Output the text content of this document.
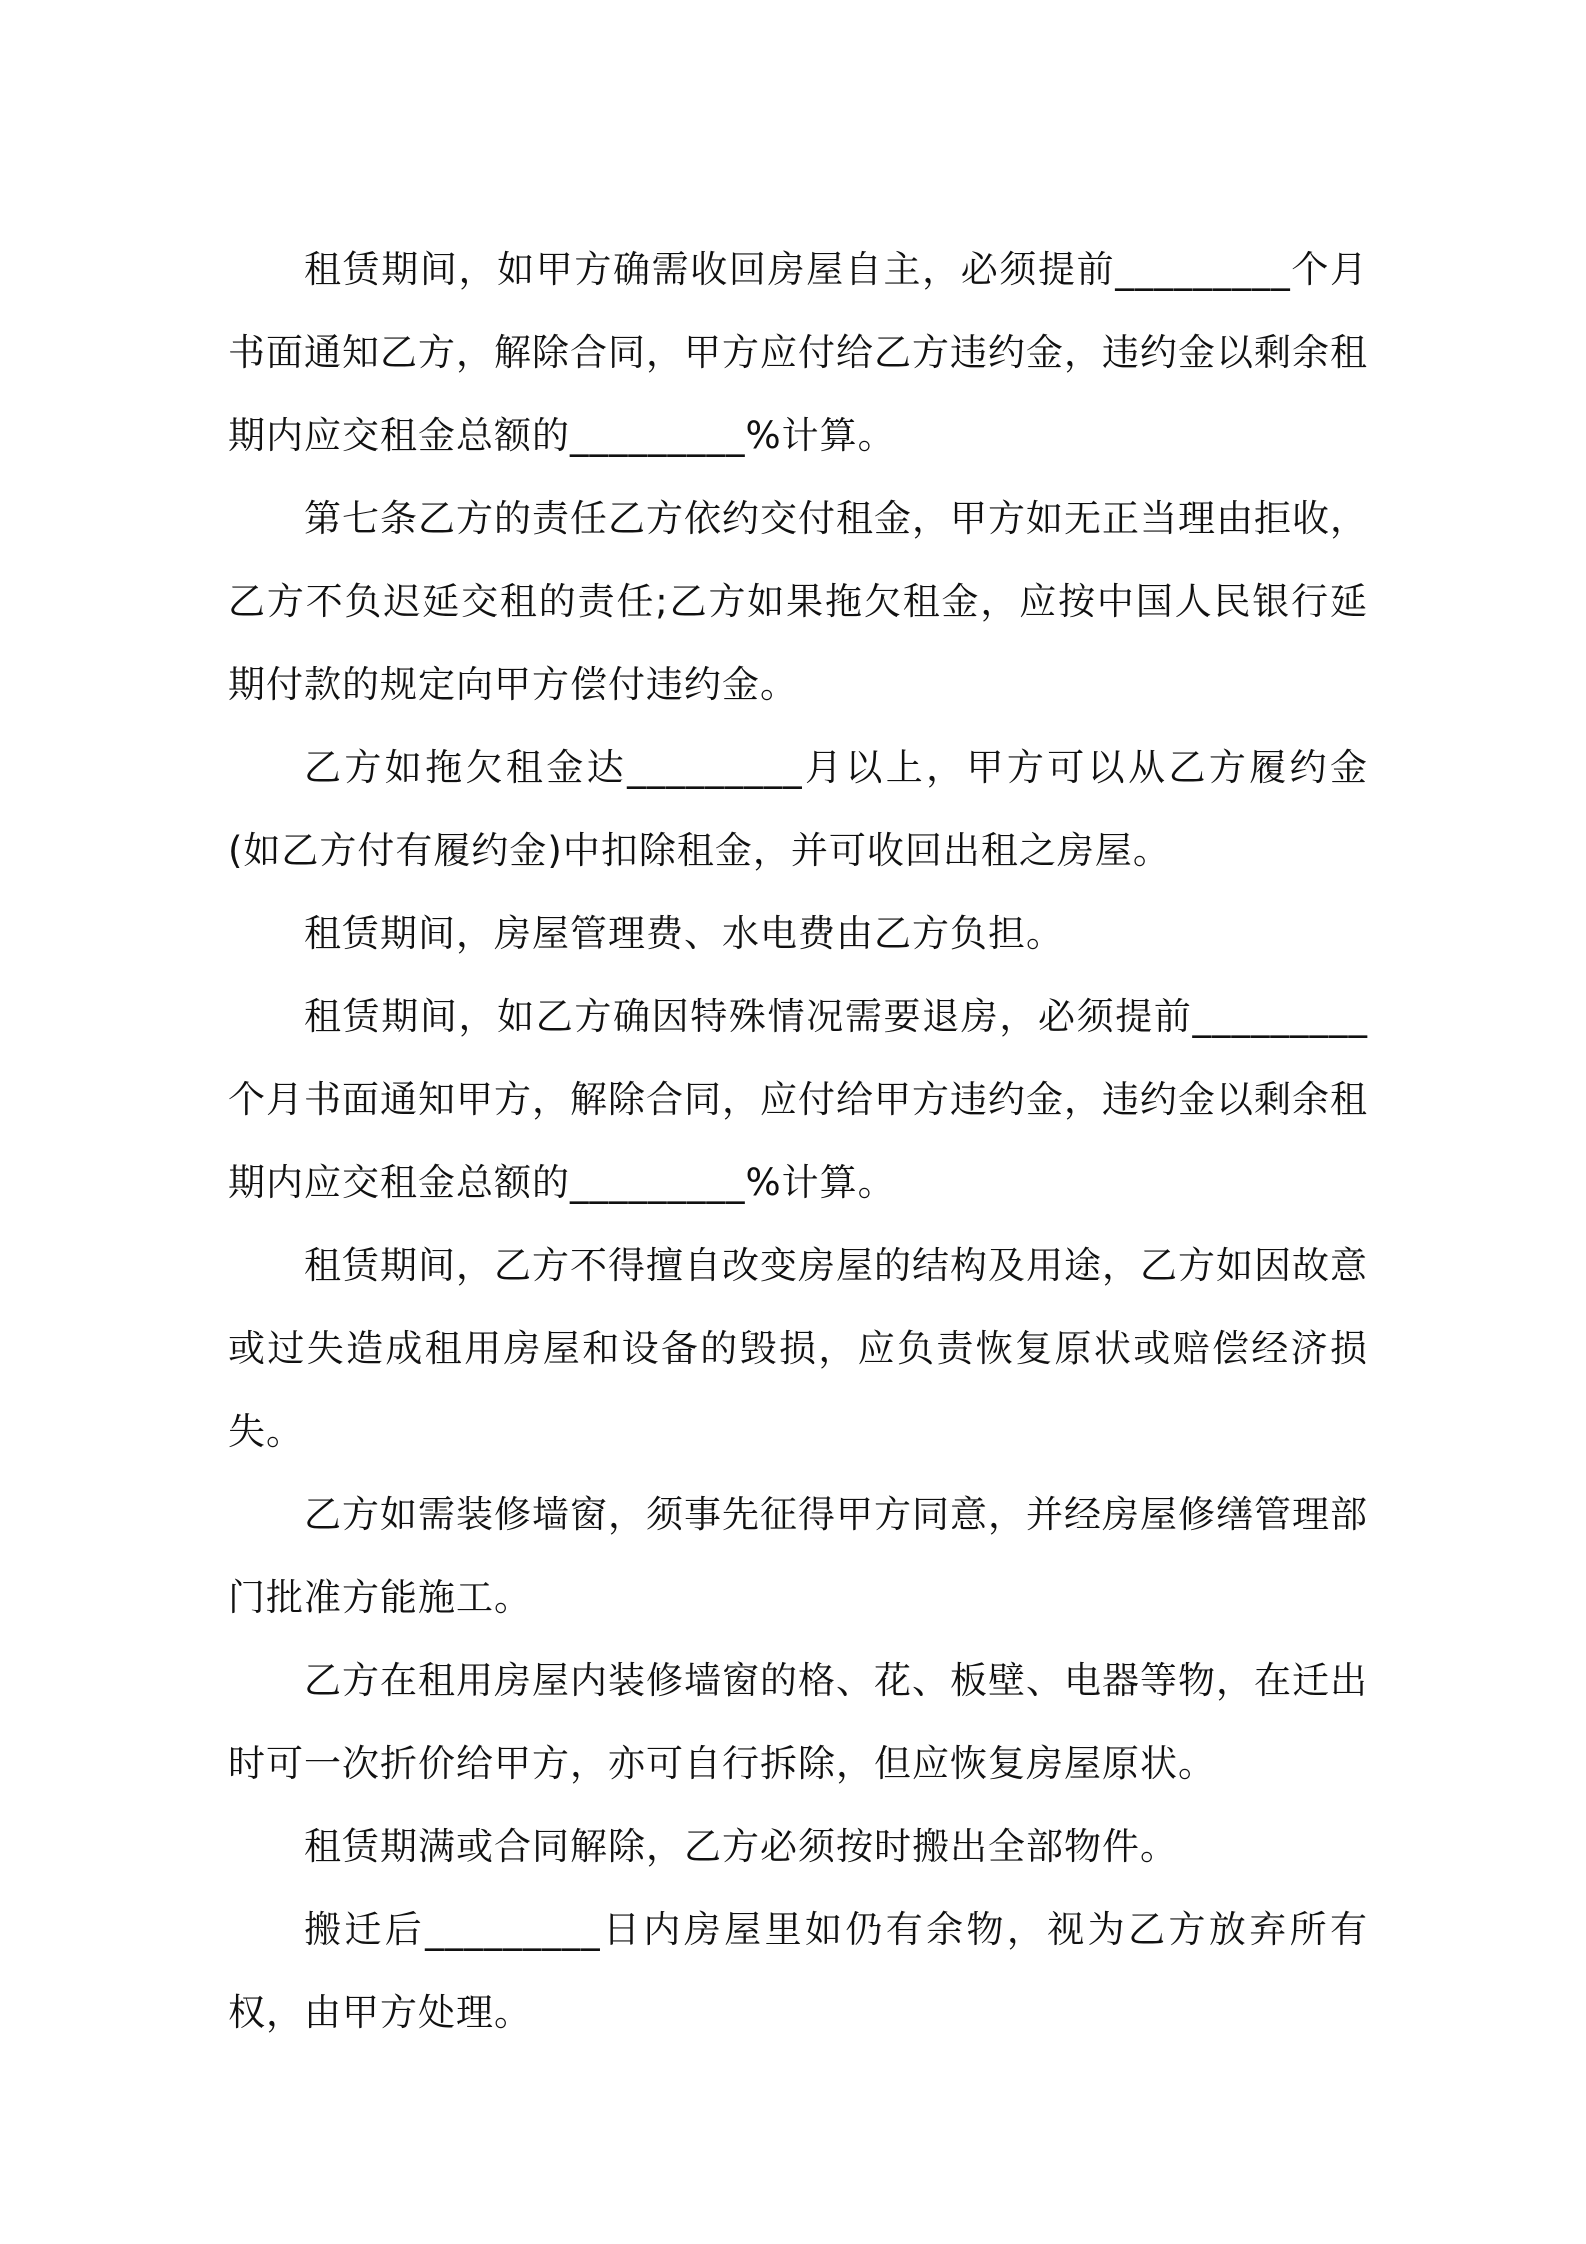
租赁期间，如甲方确需收回房屋自主，必须提前_________个月书面通知乙方，解除合同，甲方应付给乙方违约金，违约金以剩余租期内应交租金总额的_________%计算。

第七条乙方的责任乙方依约交付租金，甲方如无正当理由拒收，乙方不负迟延交租的责任;乙方如果拖欠租金，应按中国人民银行延期付款的规定向甲方偿付违约金。

乙方如拖欠租金达_________月以上，甲方可以从乙方履约金(如乙方付有履约金)中扣除租金，并可收回出租之房屋。

租赁期间，房屋管理费、水电费由乙方负担。

租赁期间，如乙方确因特殊情况需要退房，必须提前_________个月书面通知甲方，解除合同，应付给甲方违约金，违约金以剩余租期内应交租金总额的_________%计算。

租赁期间，乙方不得擅自改变房屋的结构及用途，乙方如因故意或过失造成租用房屋和设备的毁损，应负责恢复原状或赔偿经济损失。

乙方如需装修墙窗，须事先征得甲方同意，并经房屋修缮管理部门批准方能施工。

乙方在租用房屋内装修墙窗的格、花、板壁、电器等物，在迁出时可一次折价给甲方，亦可自行拆除，但应恢复房屋原状。

租赁期满或合同解除，乙方必须按时搬出全部物件。

搬迁后_________日内房屋里如仍有余物，视为乙方放弃所有权，由甲方处理。
